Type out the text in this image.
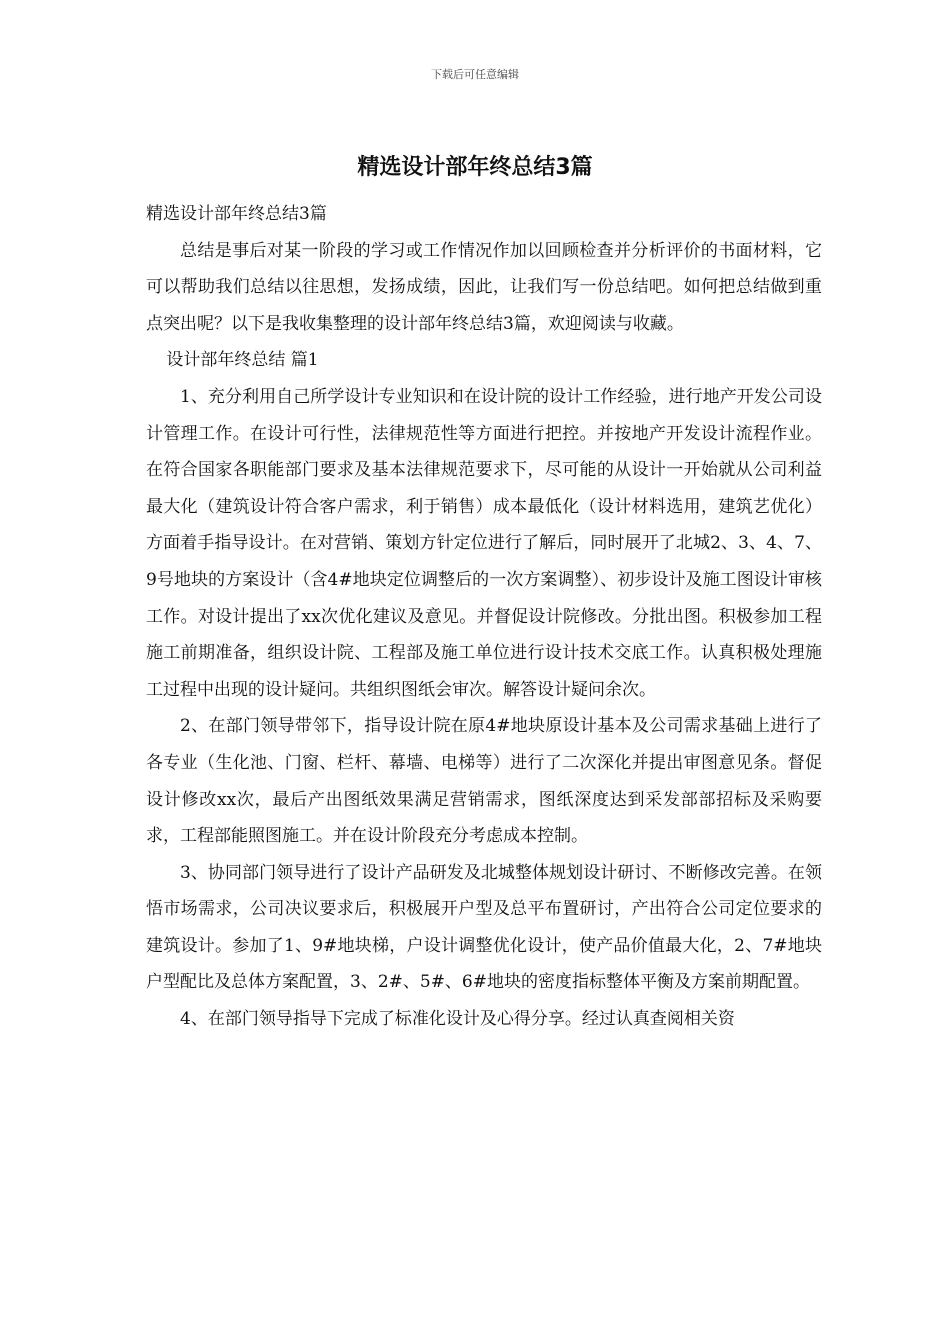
下载后可任意编辑
精选设计部年终总结3篇

精选设计部年终总结3篇

总结是事后对某一阶段的学习或工作情况作加以回顾检查并分析评价的书面材料，它可以帮助我们总结以往思想，发扬成绩，因此，让我们写一份总结吧。如何把总结做到重点突出呢？以下是我收集整理的设计部年终总结3篇，欢迎阅读与收藏。

设计部年终总结 篇1

1、充分利用自己所学设计专业知识和在设计院的设计工作经验，进行地产开发公司设计管理工作。在设计可行性，法律规范性等方面进行把控。并按地产开发设计流程作业。在符合国家各职能部门要求及基本法律规范要求下，尽可能的从设计一开始就从公司利益最大化（建筑设计符合客户需求，利于销售）成本最低化（设计材料选用，建筑艺优化）方面着手指导设计。在对营销、策划方针定位进行了解后，同时展开了北城2、3、4、7、9号地块的方案设计（含4#地块定位调整后的一次方案调整）、初步设计及施工图设计审核工作。对设计提出了xx次优化建议及意见。并督促设计院修改。分批出图。积极参加工程施工前期准备，组织设计院、工程部及施工单位进行设计技术交底工作。认真积极处理施工过程中出现的设计疑问。共组织图纸会审次。解答设计疑问余次。

2、在部门领导带邻下，指导设计院在原4#地块原设计基本及公司需求基础上进行了各专业（生化池、门窗、栏杆、幕墙、电梯等）进行了二次深化并提出审图意见条。督促设计修改xx次，最后产出图纸效果满足营销需求，图纸深度达到采发部部招标及采购要求，工程部能照图施工。并在设计阶段充分考虑成本控制。

3、协同部门领导进行了设计产品研发及北城整体规划设计研讨、不断修改完善。在领悟市场需求，公司决议要求后，积极展开户型及总平布置研讨，产出符合公司定位要求的建筑设计。参加了1、9#地块梯，户设计调整优化设计，使产品价值最大化，2、7#地块户型配比及总体方案配置，3、2#、5#、6#地块的密度指标整体平衡及方案前期配置。

4、在部门领导指导下完成了标准化设计及心得分享。经过认真查阅相关资
